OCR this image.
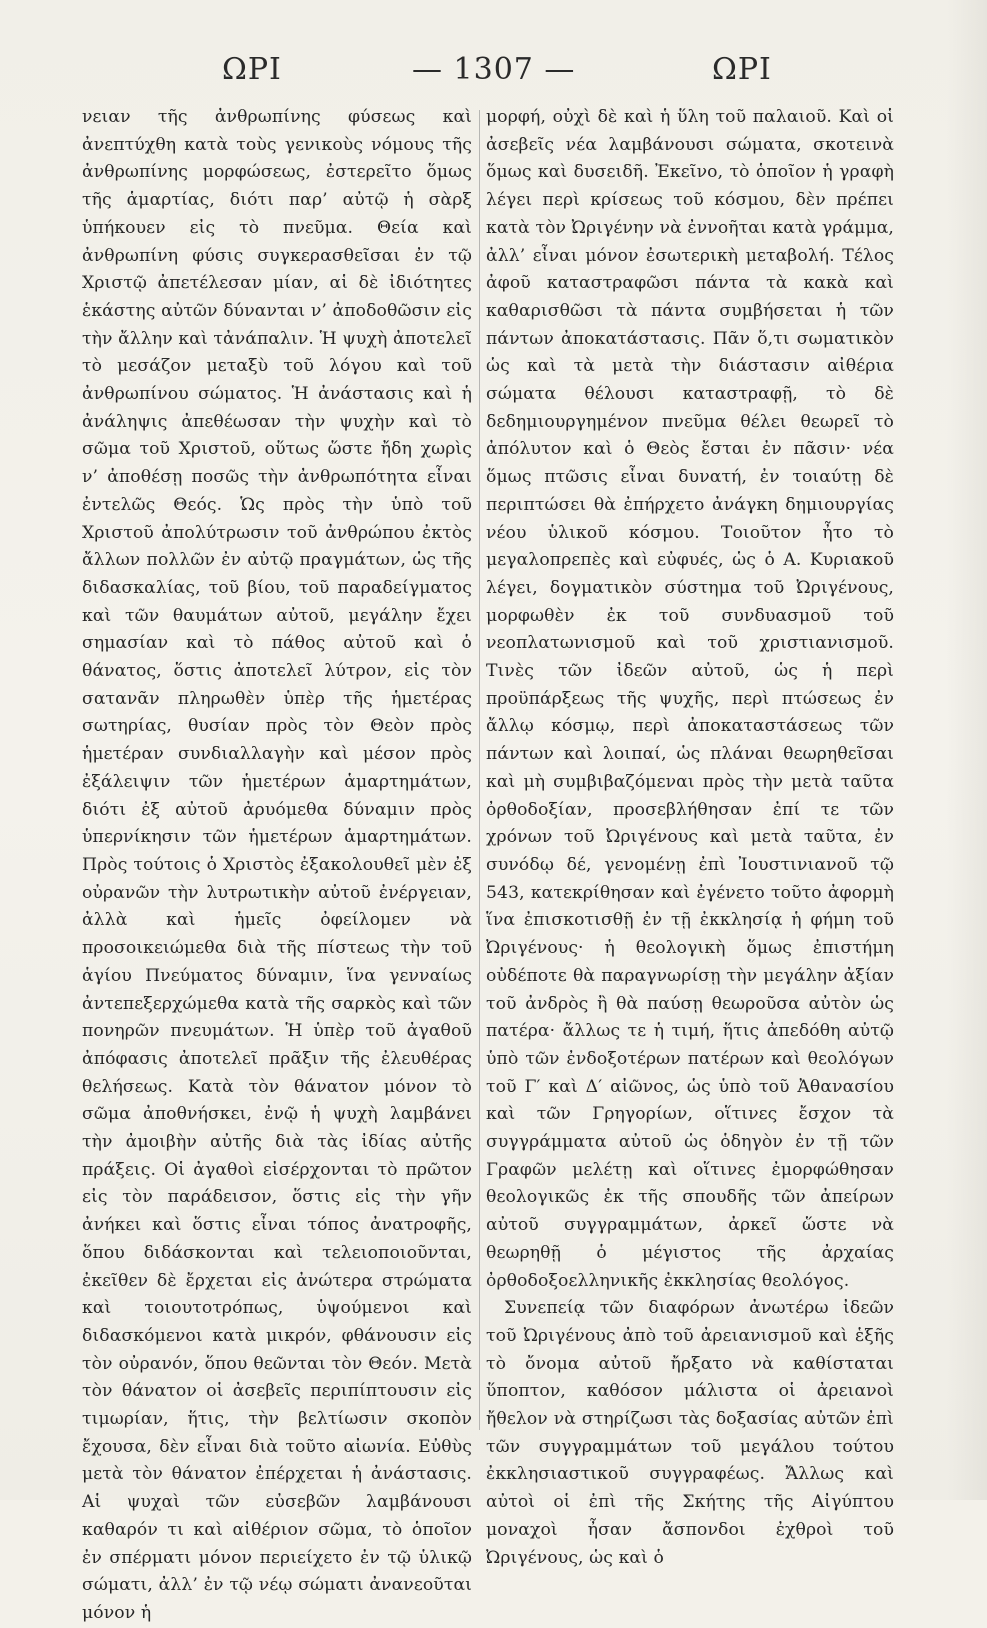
ΩΡΙ	— 1307 —	ΩΡΙ

νειαν τῆς ἀνθρωπίνης φύσεως καὶ ἀνεπτύχθη κατὰ τοὺς γενικοὺς νόμους τῆς ἀνθρωπίνης μορφώσεως, ἐστερεῖτο ὅμως τῆς ἁμαρτίας, διότι παρ’ αὐτῷ ἡ σὰρξ ὑπήκουεν εἰς τὸ πνεῦμα. Θεία καὶ ἀνθρωπίνη φύσις συγκερασθεῖσαι ἐν τῷ Χριστῷ ἀπετέλεσαν μίαν, αἱ δὲ ἰδιότητες ἑκάστης αὐτῶν δύνανται ν’ ἀποδοθῶσιν εἰς τὴν ἄλλην καὶ τἀνάπαλιν. Ἡ ψυχὴ ἀποτελεῖ τὸ μεσάζον μεταξὺ τοῦ λόγου καὶ τοῦ ἀνθρωπίνου σώματος. Ἡ ἀνάστασις καὶ ἡ ἀνάληψις ἀπεθέωσαν τὴν ψυχὴν καὶ τὸ σῶμα τοῦ Χριστοῦ, οὕτως ὥστε ἤδη χωρὶς ν’ ἀποθέσῃ ποσῶς τὴν ἀνθρωπότητα εἶναι ἐντελῶς Θεός. Ὡς πρὸς τὴν ὑπὸ τοῦ Χριστοῦ ἀπολύτρωσιν τοῦ ἀνθρώπου ἐκτὸς ἄλλων πολλῶν ἐν αὐτῷ πραγμάτων, ὡς τῆς διδασκαλίας, τοῦ βίου, τοῦ παραδείγματος καὶ τῶν θαυμάτων αὐτοῦ, μεγάλην ἔχει σημασίαν καὶ τὸ πάθος αὐτοῦ καὶ ὁ θάνατος, ὅστις ἀποτελεῖ λύτρον, εἰς τὸν σατανᾶν πληρωθὲν ὑπὲρ τῆς ἡμετέρας σωτηρίας, θυσίαν πρὸς τὸν Θεὸν πρὸς ἡμετέραν συνδιαλλαγὴν καὶ μέσον πρὸς ἐξάλειψιν τῶν ἡμετέρων ἁμαρτημάτων, διότι ἐξ αὐτοῦ ἀρυόμεθα δύναμιν πρὸς ὑπερνίκησιν τῶν ἡμετέρων ἁμαρτημάτων. Πρὸς τούτοις ὁ Χριστὸς ἐξακολουθεῖ μὲν ἐξ οὐρανῶν τὴν λυτρωτικὴν αὐτοῦ ἐνέργειαν, ἀλλὰ καὶ ἡμεῖς ὀφείλομεν νὰ προσοικειώμεθα διὰ τῆς πίστεως τὴν τοῦ ἁγίου Πνεύματος δύναμιν, ἵνα γενναίως ἀντεπεξερχώμεθα κατὰ τῆς σαρκὸς καὶ τῶν πονηρῶν πνευμάτων. Ἡ ὑπὲρ τοῦ ἀγαθοῦ ἀπόφασις ἀποτελεῖ πρᾶξιν τῆς ἐλευθέρας θελήσεως. Κατὰ τὸν θάνατον μόνον τὸ σῶμα ἀποθνήσκει, ἐνῷ ἡ ψυχὴ λαμβάνει τὴν ἀμοιβὴν αὐτῆς διὰ τὰς ἰδίας αὐτῆς πράξεις. Οἱ ἀγαθοὶ εἰσέρχονται τὸ πρῶτον εἰς τὸν παράδεισον, ὅστις εἰς τὴν γῆν ἀνήκει καὶ ὅστις εἶναι τόπος ἀνατροφῆς, ὅπου διδάσκονται καὶ τελειοποιοῦνται, ἐκεῖθεν δὲ ἔρχεται εἰς ἀνώτερα στρώματα καὶ τοιουτοτρόπως, ὑψούμενοι καὶ διδασκόμενοι κατὰ μικρόν, φθάνουσιν εἰς τὸν οὐρανόν, ὅπου θεῶνται τὸν Θεόν. Μετὰ τὸν θάνατον οἱ ἀσεβεῖς περιπίπτουσιν εἰς τιμωρίαν, ἥτις, τὴν βελτίωσιν σκοπὸν ἔχουσα, δὲν εἶναι διὰ τοῦτο αἰωνία. Εὐθὺς μετὰ τὸν θάνατον ἐπέρχεται ἡ ἀνάστασις. Αἱ ψυχαὶ τῶν εὐσεβῶν λαμβάνουσι καθαρόν τι καὶ αἰθέριον σῶμα, τὸ ὁποῖον ἐν σπέρματι μόνον περιείχετο ἐν τῷ ὑλικῷ σώματι, ἀλλ’ ἐν τῷ νέῳ σώματι ἀνανεοῦται μόνον ἡ

μορφή, οὐχὶ δὲ καὶ ἡ ὕλη τοῦ παλαιοῦ. Καὶ οἱ ἀσεβεῖς νέα λαμβάνουσι σώματα, σκοτεινὰ ὅμως καὶ δυσειδῆ. Ἐκεῖνο, τὸ ὁποῖον ἡ γραφὴ λέγει περὶ κρίσεως τοῦ κόσμου, δὲν πρέπει κατὰ τὸν Ὠριγένην νὰ ἐννοῆται κατὰ γράμμα, ἀλλ’ εἶναι μόνον ἐσωτερικὴ μεταβολή. Τέλος ἀφοῦ καταστραφῶσι πάντα τὰ κακὰ καὶ καθαρισθῶσι τὰ πάντα συμβήσεται ἡ τῶν πάντων ἀποκατάστασις. Πᾶν ὅ,τι σωματικὸν ὡς καὶ τὰ μετὰ τὴν διάστασιν αἰθέρια σώματα θέλουσι καταστραφῇ, τὸ δὲ δεδημιουργημένον πνεῦμα θέλει θεωρεῖ τὸ ἀπόλυτον καὶ ὁ Θεὸς ἔσται ἐν πᾶσιν· νέα ὅμως πτῶσις εἶναι δυνατή, ἐν τοιαύτῃ δὲ περιπτώσει θὰ ἐπήρχετο ἀνάγκη δημιουργίας νέου ὑλικοῦ κόσμου. Τοιοῦτον ἦτο τὸ μεγαλοπρεπὲς καὶ εὐφυές, ὡς ὁ Α. Κυριακοῦ λέγει, δογματικὸν σύστημα τοῦ Ὠριγένους, μορφωθὲν ἐκ τοῦ συνδυασμοῦ τοῦ νεοπλατωνισμοῦ καὶ τοῦ χριστιανισμοῦ. Τινὲς τῶν ἰδεῶν αὐτοῦ, ὡς ἡ περὶ προϋπάρξεως τῆς ψυχῆς, περὶ πτώσεως ἐν ἄλλῳ κόσμῳ, περὶ ἀποκαταστάσεως τῶν πάντων καὶ λοιπαί, ὡς πλάναι θεωρηθεῖσαι καὶ μὴ συμβιβαζόμεναι πρὸς τὴν μετὰ ταῦτα ὀρθοδοξίαν, προσεβλήθησαν ἐπί τε τῶν χρόνων τοῦ Ὠριγένους καὶ μετὰ ταῦτα, ἐν συνόδῳ δέ, γενομένῃ ἐπὶ Ἰουστινιανοῦ τῷ 543, κατεκρίθησαν καὶ ἐγένετο τοῦτο ἀφορμὴ ἵνα ἐπισκοτισθῇ ἐν τῇ ἐκκλησίᾳ ἡ φήμη τοῦ Ὠριγένους· ἡ θεολογικὴ ὅμως ἐπιστήμη οὐδέποτε θὰ παραγνωρίσῃ τὴν μεγάλην ἀξίαν τοῦ ἀνδρὸς ἢ θὰ παύσῃ θεωροῦσα αὐτὸν ὡς πατέρα· ἄλλως τε ἡ τιμή, ἥτις ἀπεδόθη αὐτῷ ὑπὸ τῶν ἐνδοξοτέρων πατέρων καὶ θεολόγων τοῦ Γ′ καὶ Δ′ αἰῶνος, ὡς ὑπὸ τοῦ Ἀθανασίου καὶ τῶν Γρηγορίων, οἵτινες ἔσχον τὰ συγγράμματα αὐτοῦ ὡς ὁδηγὸν ἐν τῇ τῶν Γραφῶν μελέτῃ καὶ οἵτινες ἐμορφώθησαν θεολογικῶς ἐκ τῆς σπουδῆς τῶν ἀπείρων αὐτοῦ συγγραμμάτων, ἀρκεῖ ὥστε νὰ θεωρηθῇ ὁ μέγιστος τῆς ἀρχαίας ὀρθοδοξοελληνικῆς ἐκκλησίας θεολόγος.

Συνεπείᾳ τῶν διαφόρων ἀνωτέρω ἰδεῶν τοῦ Ὠριγένους ἀπὸ τοῦ ἀρειανισμοῦ καὶ ἑξῆς τὸ ὄνομα αὐτοῦ ἤρξατο νὰ καθίσταται ὕποπτον, καθόσον μάλιστα οἱ ἀρειανοὶ ἤθελον νὰ στηρίζωσι τὰς δοξασίας αὐτῶν ἐπὶ τῶν συγγραμμάτων τοῦ μεγάλου τούτου ἐκκλησιαστικοῦ συγγραφέως. Ἄλλως καὶ αὐτοὶ οἱ ἐπὶ τῆς Σκήτης τῆς Αἰγύπτου μοναχοὶ ἦσαν ἄσπονδοι ἐχθροὶ τοῦ Ὠριγένους, ὡς καὶ ὁ
